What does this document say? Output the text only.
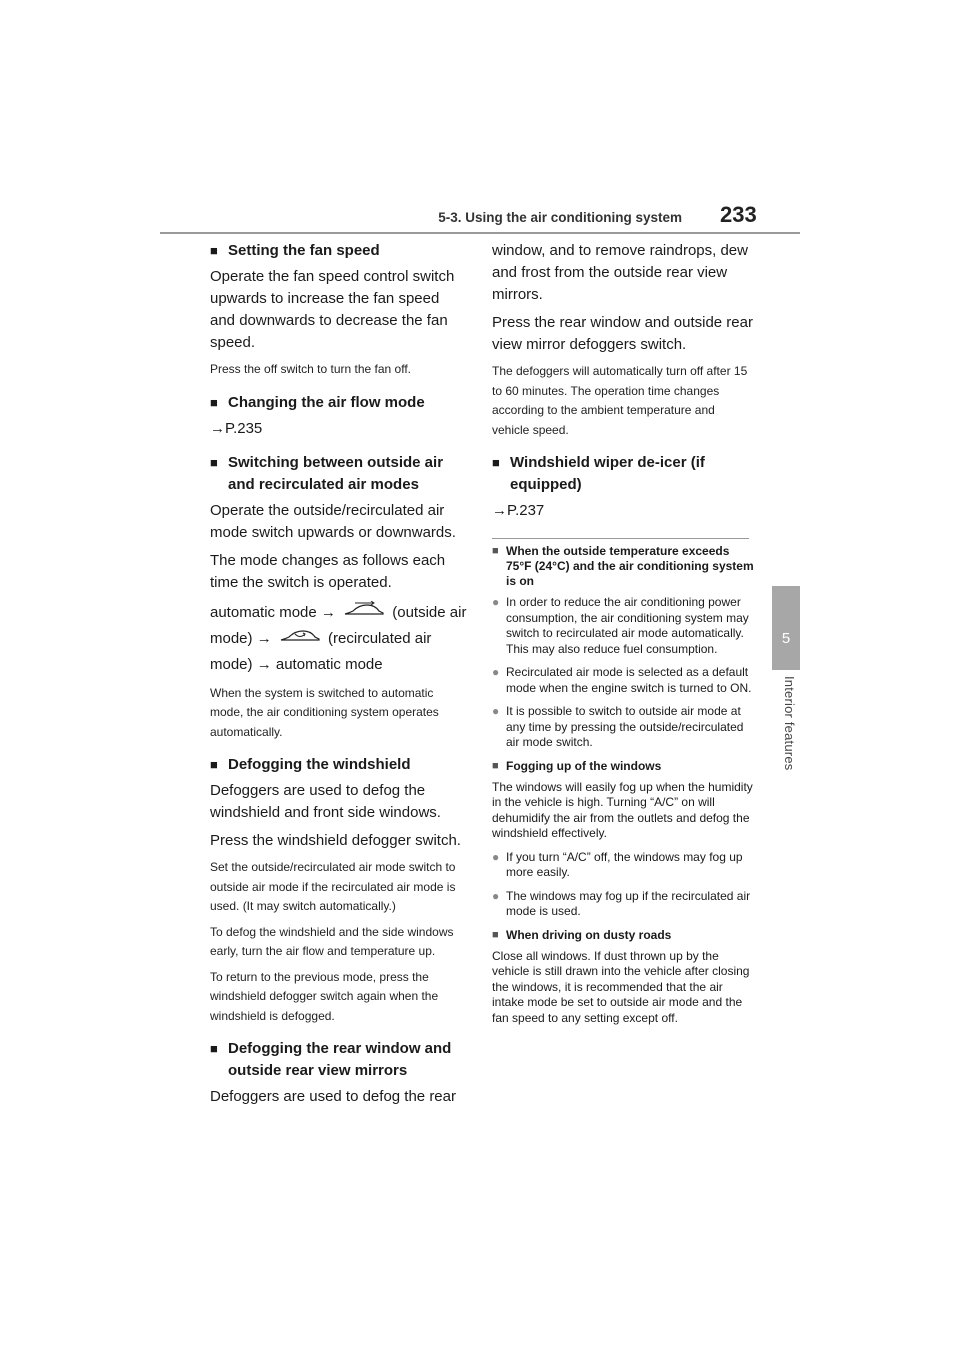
5-3. Using the air conditioning system 233
5
Interior features
■ Setting the fan speed

Operate the fan speed control switch upwards to increase the fan speed and downwards to decrease the fan speed.

Press the off switch to turn the fan off.

■ Changing the air flow mode
→P.235
■ Switching between outside air and recirculated air modes

Operate the outside/recirculated air mode switch upwards or downwards.

The mode changes as follows each time the switch is operated.

automatic mode →	(outside air mode) →	(recirculated air mode) → automatic mode

When the system is switched to automatic mode, the air conditioning system operates automatically.

■ Defogging the windshield

Defoggers are used to defog the windshield and front side windows.

Press the windshield defogger switch.

Set the outside/recirculated air mode switch to outside air mode if the recirculated air mode is used. (It may switch automatically.)

To defog the windshield and the side windows early, turn the air flow and temperature up.

To return to the previous mode, press the windshield defogger switch again when the windshield is defogged.

■ Defogging the rear window and outside rear view mirrors

Defoggers are used to defog the rear

window, and to remove raindrops, dew and frost from the outside rear view mirrors.

Press the rear window and outside rear view mirror defoggers switch.

The defoggers will automatically turn off after 15 to 60 minutes. The operation time changes according to the ambient temperature and vehicle speed.

■ Windshield wiper de-icer (if equipped)
→P.237
■ When the outside temperature exceeds 75°F (24°C) and the air conditioning system is on
● In order to reduce the air conditioning power consumption, the air conditioning system may switch to recirculated air mode automatically. This may also reduce fuel consumption.
● Recirculated air mode is selected as a default mode when the engine switch is turned to ON.
● It is possible to switch to outside air mode at any time by pressing the outside/recirculated air mode switch.
■ Fogging up of the windows

The windows will easily fog up when the humidity in the vehicle is high. Turning “A/C” on will dehumidify the air from the outlets and defog the windshield effectively.

● If you turn “A/C” off, the windows may fog up more easily.
● The windows may fog up if the recirculated air mode is used.
■ When driving on dusty roads

Close all windows. If dust thrown up by the vehicle is still drawn into the vehicle after closing the windows, it is recommended that the air intake mode be set to outside air mode and the fan speed to any setting except off.
